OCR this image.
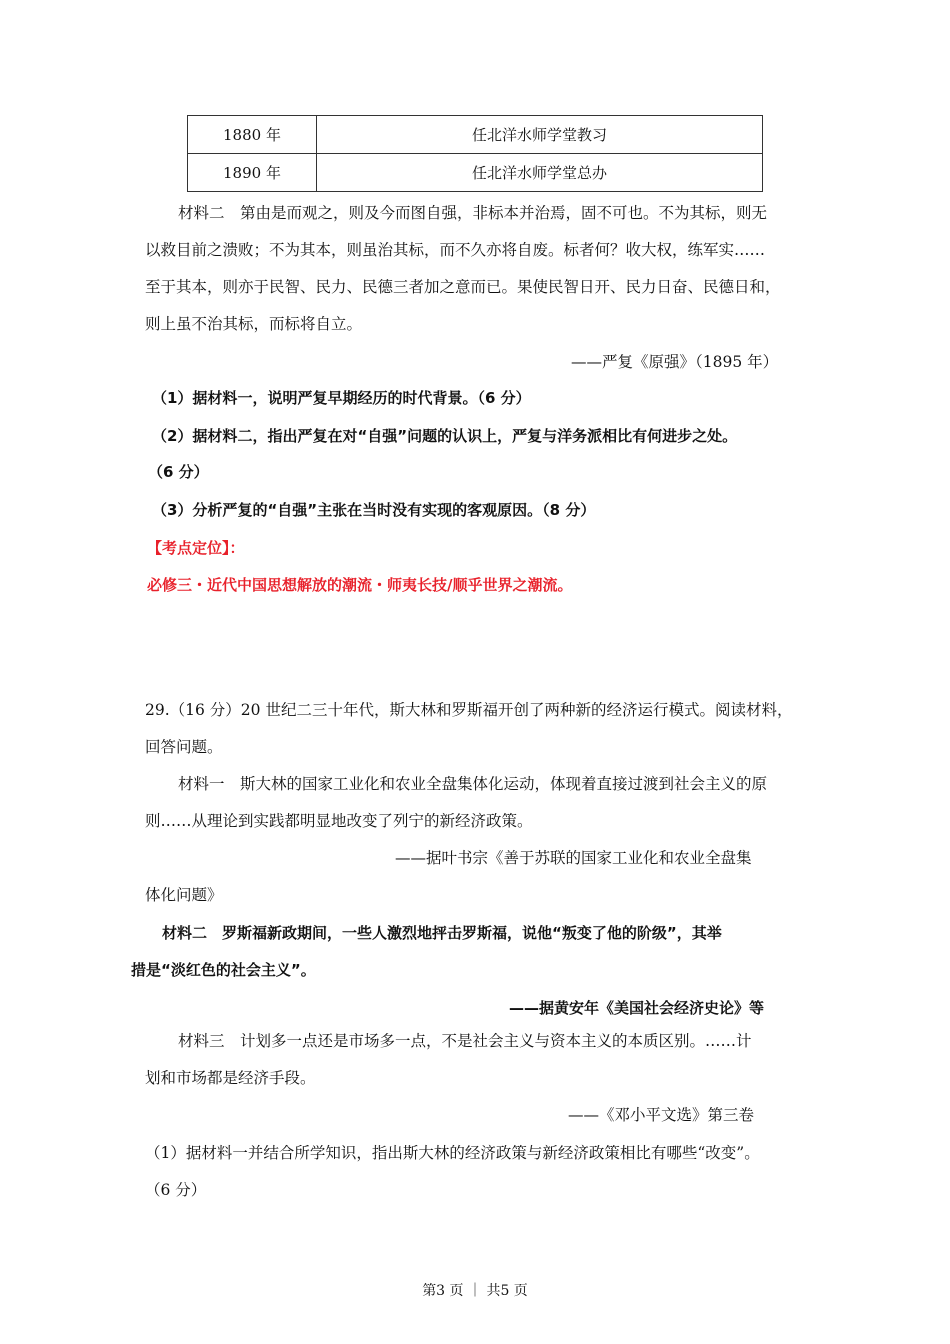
1880 年	任北洋水师学堂教习
1890 年	任北洋水师学堂总办
材料二　第由是而观之，则及今而图自强，非标本并治焉，固不可也。不为其标，则无
以救目前之溃败；不为其本，则虽治其标，而不久亦将自废。标者何？收大权，练军实……
至于其本，则亦于民智、民力、民德三者加之意而已。果使民智日开、民力日奋、民德日和，
则上虽不治其标，而标将自立。
——严复《原强》（1895 年）
（1）据材料一，说明严复早期经历的时代背景。（6 分）
（2）据材料二，指出严复在对“自强”问题的认识上，严复与洋务派相比有何进步之处。
（6 分）
（3）分析严复的“自强”主张在当时没有实现的客观原因。（8 分）
【考点定位】：
必修三・近代中国思想解放的潮流・师夷长技/顺乎世界之潮流。
29.（16 分）20 世纪二三十年代，斯大林和罗斯福开创了两种新的经济运行模式。阅读材料，
回答问题。
材料一　斯大林的国家工业化和农业全盘集体化运动，体现着直接过渡到社会主义的原
则……从理论到实践都明显地改变了列宁的新经济政策。
——据叶书宗《善于苏联的国家工业化和农业全盘集
体化问题》
材料二　罗斯福新政期间，一些人激烈地抨击罗斯福，说他“叛变了他的阶级”，其举
措是“淡红色的社会主义”。
——据黄安年《美国社会经济史论》等
材料三　计划多一点还是市场多一点，不是社会主义与资本主义的本质区别。……计
划和市场都是经济手段。
——《邓小平文选》第三卷
（1）据材料一并结合所学知识，指出斯大林的经济政策与新经济政策相比有哪些“改变”。
（6 分）
第3 页 ｜ 共5 页
